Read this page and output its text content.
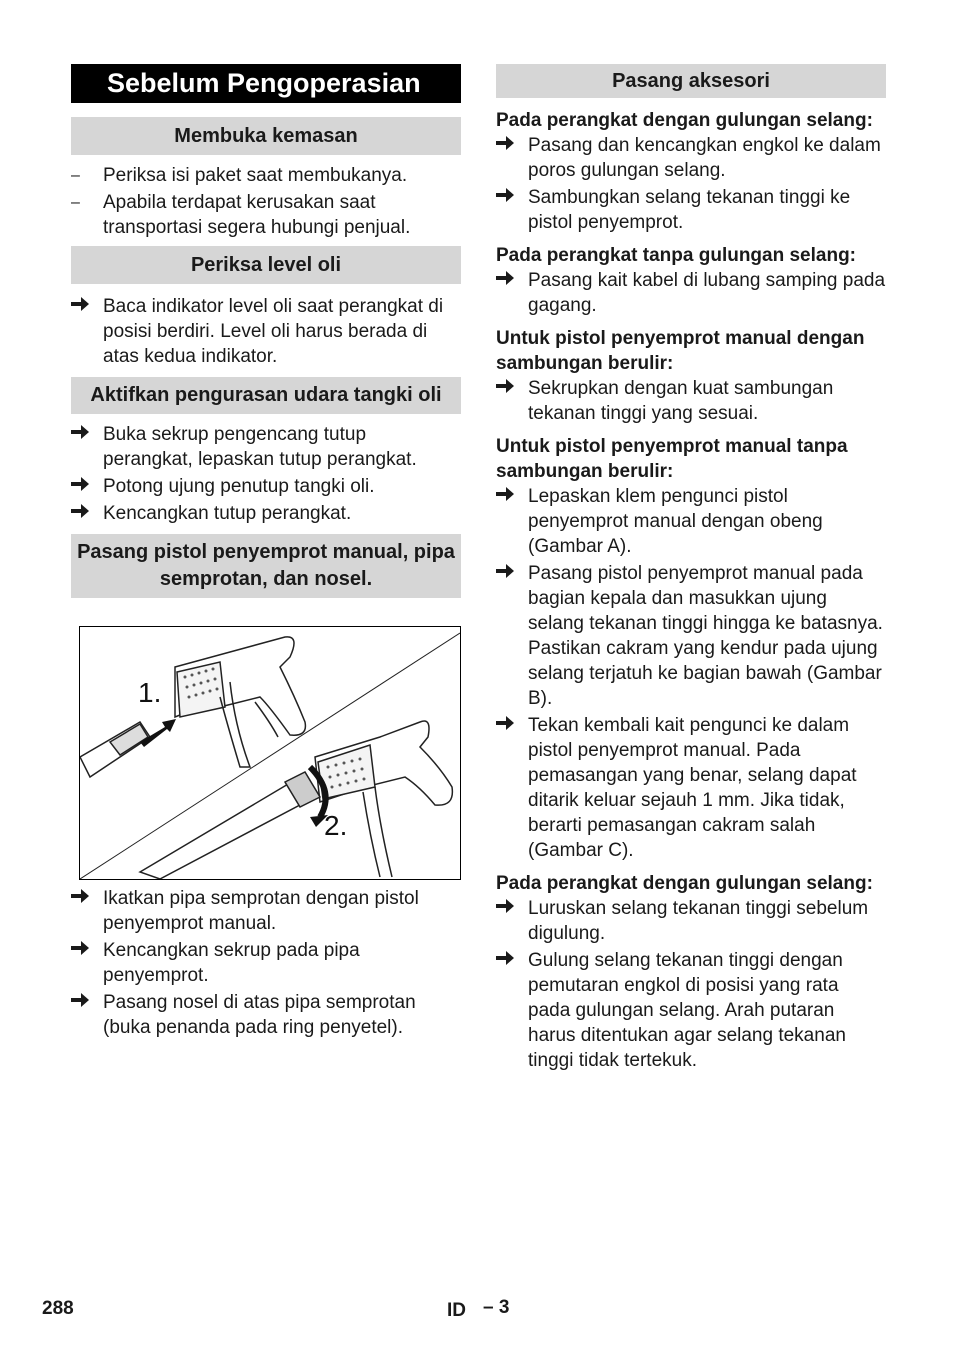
Sebelum Pengoperasian
Membuka kemasan
–	Periksa isi paket saat membukanya.
–	Apabila terdapat kerusakan saat transportasi segera hubungi penjual.
Periksa level oli
Baca indikator level oli saat perangkat di posisi berdiri. Level oli harus berada di atas kedua indikator.
Aktifkan pengurasan udara tangki oli
Buka sekrup pengencang tutup perangkat, lepaskan tutup perangkat.
Potong ujung penutup tangki oli.
Kencangkan tutup perangkat.
Pasang pistol penyemprot manual, pipa semprotan, dan nosel.
1.
2.
Ikatkan pipa semprotan dengan pistol penyemprot manual.
Kencangkan sekrup pada pipa penyemprot.
Pasang nosel di atas pipa semprotan (buka penanda pada ring penyetel).
Pasang aksesori
Pada perangkat dengan gulungan selang:
Pasang dan kencangkan engkol ke dalam poros gulungan selang.
Sambungkan selang tekanan tinggi ke pistol penyemprot.
Pada perangkat tanpa gulungan selang:
Pasang kait kabel di lubang samping pada gagang.
Untuk pistol penyemprot manual dengan sambungan berulir:
Sekrupkan dengan kuat sambungan tekanan tinggi yang sesuai.
Untuk pistol penyemprot manual tanpa sambungan berulir:
Lepaskan klem pengunci pistol penyemprot manual dengan obeng (Gambar A).
Pasang pistol penyemprot manual pada bagian kepala dan masukkan ujung selang tekanan tinggi hingga ke batasnya. Pastikan cakram yang kendur pada ujung selang terjatuh ke bagian bawah (Gambar B).
Tekan kembali kait pengunci ke dalam pistol penyemprot manual. Pada pemasangan yang benar, selang dapat ditarik keluar sejauh 1 mm. Jika tidak, berarti pemasangan cakram salah (Gambar C).
Pada perangkat dengan gulungan selang:
Luruskan selang tekanan tinggi sebelum digulung.
Gulung selang tekanan tinggi dengan pemutaran engkol di posisi yang rata pada gulungan selang. Arah putaran harus ditentukan agar selang tekanan tinggi tidak tertekuk.
288	ID – 3
